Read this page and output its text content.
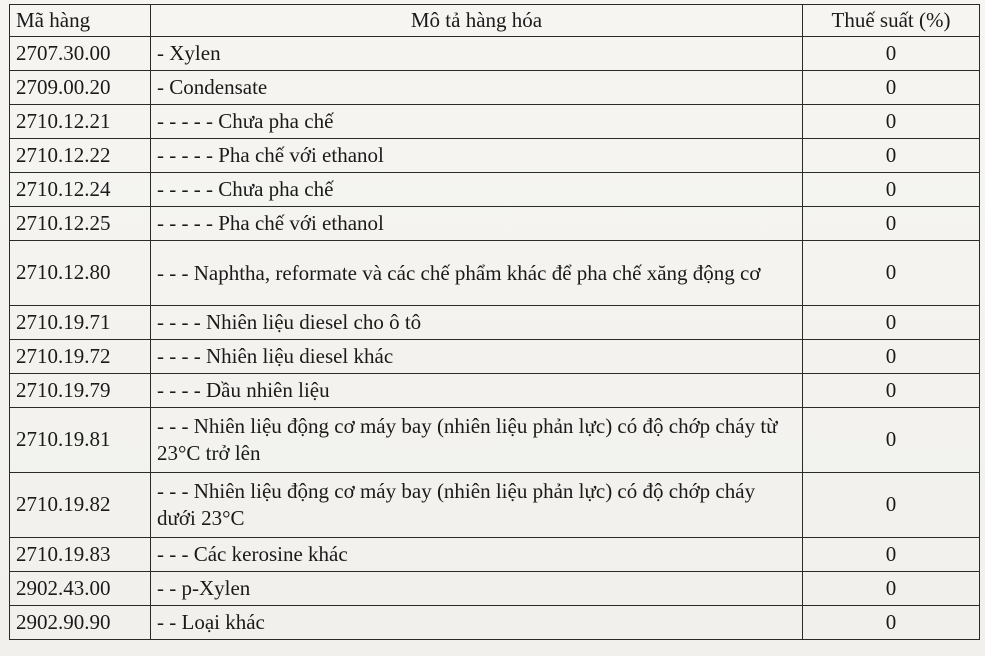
Mã hàng	Mô tả hàng hóa	Thuế suất (%)
2707.30.00	- Xylen	0
2709.00.20	- Condensate	0
2710.12.21	- - - - - Chưa pha chế	0
2710.12.22	- - - - - Pha chế với ethanol	0
2710.12.24	- - - - - Chưa pha chế	0
2710.12.25	- - - - - Pha chế với ethanol	0
2710.12.80	- - - Naphtha, reformate và các chế phẩm khác để pha chế xăng động cơ	0
2710.19.71	- - - - Nhiên liệu diesel cho ô tô	0
2710.19.72	- - - - Nhiên liệu diesel khác	0
2710.19.79	- - - - Dầu nhiên liệu	0
2710.19.81	- - - Nhiên liệu động cơ máy bay (nhiên liệu phản lực) có độ chớp cháy từ 23°C trở lên	0
2710.19.82	- - - Nhiên liệu động cơ máy bay (nhiên liệu phản lực) có độ chớp cháy dưới 23°C	0
2710.19.83	- - - Các kerosine khác	0
2902.43.00	- - p-Xylen	0
2902.90.90	- - Loại khác	0
